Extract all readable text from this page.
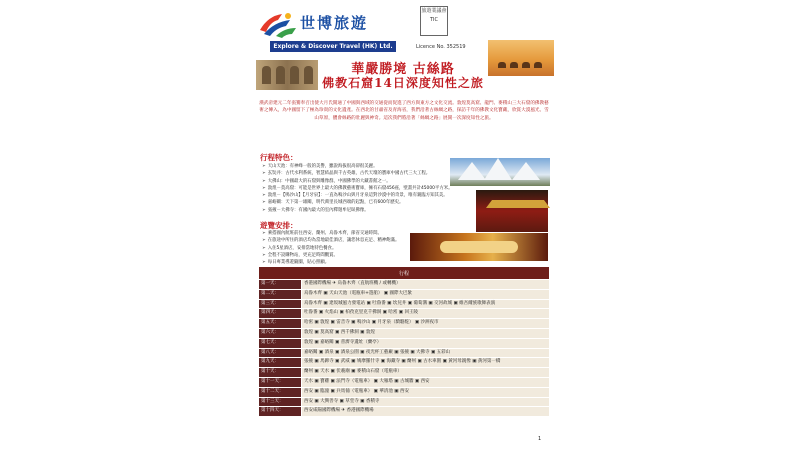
世博旅遊
Explore & Discover Travel (HK) Ltd.
旅遊業議會 TIC
Licence No. 352519
華嚴勝境 古絲路
佛教石窟14日深度知性之旅
漢武帝建元二年張騫奉召出使大月氏開通了中國與西域的交通從而促進了西方與東方之文化交流。敦煌莫高窟、龍門、麥積山三大石窟的佛教藝術之傳入，為中國留下了極為珍貴的文化遺產。在西北的甘肅省及青海省，我們沿著古絲綢之路，探訪千年的佛教文化寶藏，欣賞大漠風光、雪山草原，體會絲路的壯麗與神奇。這次我們將沿著「絲綢之路」展開一次深度知性之旅。
行程特色：
➢ 天山天池：有神峰一般的美譽，雖說海拔很高卻很美麗。
➢ 玄奘井：古代水利系統，智慧結晶與千古英雄，古代天壇的寶庫中國古代三大工程。
➢ 大佛山：中國最大的石窟與雕像群，中國佛學的大藏書館之一。
➢ 敦煌－莫高窟：可能是世界上最大的佛教藝術寶庫，擁有石窟456座，壁畫共計45000平方米。
➢ 敦煌－【鳴沙山】【月牙泉】：一直為鳴沙山與月牙泉這對沙漠中的奇景，唯有親臨方知其美。
➢ 嘉峪關：天下第一雄關，明代萬里長城西端的起點，已有600年歷史。
➢ 張掖－大佛寺：有國內最大的室內釋迦牟尼臥佛像。
遊覽安排：
➢ 乘搭國內航班前往西安、蘭州、烏魯木齊，節省交通時間。
➢ 在旅途中所住的酒店均為當地最佳酒店，讓您休息充足、精神飽滿。
➢ 入住5星酒店，安排當地特色餐食。
➢ 全程不設購物站，更充足時間觀賞。
➢ 每日專業導遊隨團，貼心照顧。
行程	
第一天：	香港國際機場 ✈ 烏魯木齊（直航班機 / 或轉機）
第二天：	烏魯木齊 ▣ 天山天池（電瓶車+遊船） ▣ 國際大巴紮
第三天：	烏魯木齊 ▣ 達坂城風力發電站 ▣ 吐魯番 ▣ 坎兒井 ▣ 葡萄溝 ▣ 交河故城 ▣ 維吾爾族歌舞表演
第四天：	吐魯番 ▣ 火焰山 ▣ 柏孜克里克千佛洞 ▣ 哈密 ▣ 回王陵
第五天：	哈密 ▣ 敦煌 ▣ 雷音寺 ▣ 鳴沙山 ▣ 月牙泉（騎駱駝） ▣ 沙洲夜市
第六天：	敦煌 ▣ 莫高窟 ▣ 西千佛洞 ▣ 敦煌
第七天：	敦煌 ▣ 嘉峪關 ▣ 普濟寺遺址（蘭亭）
第八天：	嘉峪關 ▣ 酒泉 ▣ 酒泉公園 ▣ 夜光杯工藝廠 ▣ 張掖 ▣ 大佛寺 ▣ 五彩山
第九天：	張掖 ▣ 馬蹄寺 ▣ 武威 ▣ 鳩摩羅什寺 ▣ 海藏寺 ▣ 蘭州 ▣ 古水車園 ▣ 黃河母親像 ▣ 黃河第一橋
第十天：	蘭州 ▣ 天水 ▣ 伏羲廟 ▣ 麥積山石窟（電瓶車）
第十一天：	天水 ▣ 寶雞 ▣ 法門寺（電瓶車） ▣ 大雁塔 ▣ 古城牆 ▣ 西安
第十二天：	西安 ▣ 臨潼 ▣ 兵馬俑（電瓶車） ▣ 華清池 ▣ 西安
第十三天：	西安 ▣ 大興善寺 ▣ 草堂寺 ▣ 香積寺
第十四天：	西安咸陽國際機場 ✈ 香港國際機場
1
